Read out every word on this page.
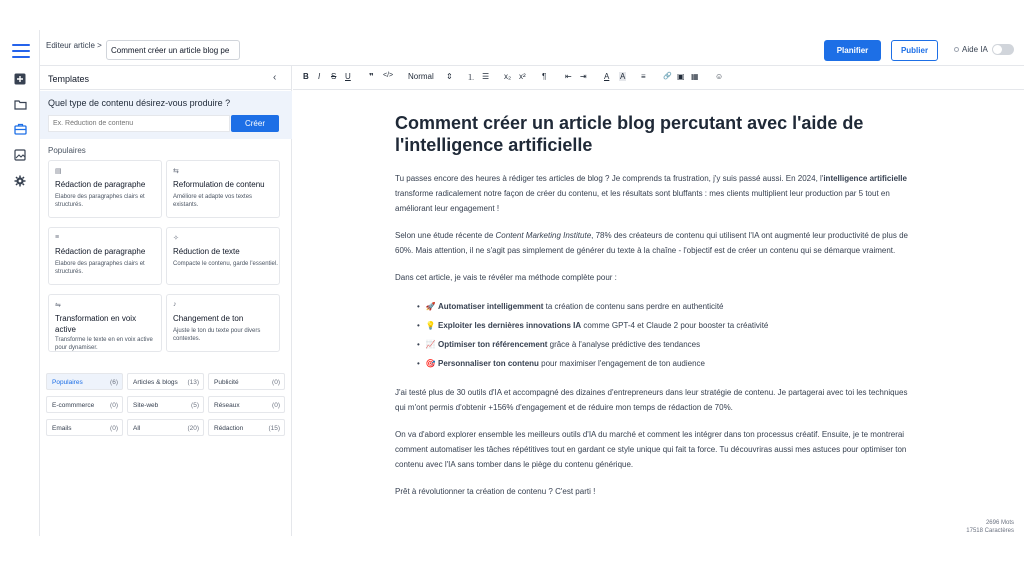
Editeur article >
Comment créer un article blog pe
Planifier	Publier	Aide IA
Templates	‹
Quel type de contenu désirez-vous produire ?
Ex. Réduction de contenu
Créer
Populaires
▤
Rédaction de paragraphe
Elabore des paragraphes clairs et structurés.
⇆
Reformulation de contenu
Améliore et adapte vos textes existants.
≡
Rédaction de paragraphe
Elabore des paragraphes clairs et structurés.
✧
Réduction de texte
Compacte le contenu, garde l'essentiel.
⇋
Transformation en voix active
Transforme le texte en en voix active pour dynamiser.
♪
Changement de ton
Ajuste le ton du texte pour divers contextes.
Populaires	(6) Articles & blogs (13) Publicité	(0)
E-commmerce (0) Site-web	(5) Réseaux	(0)
Emails	(0) All	(20) Rédaction	(15)
B I S U ❞ </> Normal ⇕ ⒈ ☰ x₂ x² ¶ ⇤ ⇥ A A ≡ 🔗 ▣ ▦ ☺
Comment créer un article blog percutant avec l'aide de l'intelligence artificielle

Tu passes encore des heures à rédiger tes articles de blog ? Je comprends ta frustration, j'y suis passé aussi. En 2024, l'intelligence artificielle transforme radicalement notre façon de créer du contenu, et les résultats sont bluffants : mes clients multiplient leur production par 5 tout en améliorant leur engagement !

Selon une étude récente de Content Marketing Institute, 78% des créateurs de contenu qui utilisent l'IA ont augmenté leur productivité de plus de 60%. Mais attention, il ne s'agit pas simplement de générer du texte à la chaîne - l'objectif est de créer un contenu qui se démarque vraiment.

Dans cet article, je vais te révéler ma méthode complète pour :

• 🚀 Automatiser intelligemment ta création de contenu sans perdre en authenticité
• 💡 Exploiter les dernières innovations IA comme GPT-4 et Claude 2 pour booster ta créativité
• 📈 Optimiser ton référencement grâce à l'analyse prédictive des tendances
• 🎯 Personnaliser ton contenu pour maximiser l'engagement de ton audience

J'ai testé plus de 30 outils d'IA et accompagné des dizaines d'entrepreneurs dans leur stratégie de contenu. Je partagerai avec toi les techniques qui m'ont permis d'obtenir +156% d'engagement et de réduire mon temps de rédaction de 70%.

On va d'abord explorer ensemble les meilleurs outils d'IA du marché et comment les intégrer dans ton processus créatif. Ensuite, je te montrerai comment automatiser les tâches répétitives tout en gardant ce style unique qui fait ta force. Tu découvriras aussi mes astuces pour optimiser ton contenu avec l'IA sans tomber dans le piège du contenu générique.

Prêt à révolutionner ta création de contenu ? C'est parti !

2696 Mots
17518 Caractères
